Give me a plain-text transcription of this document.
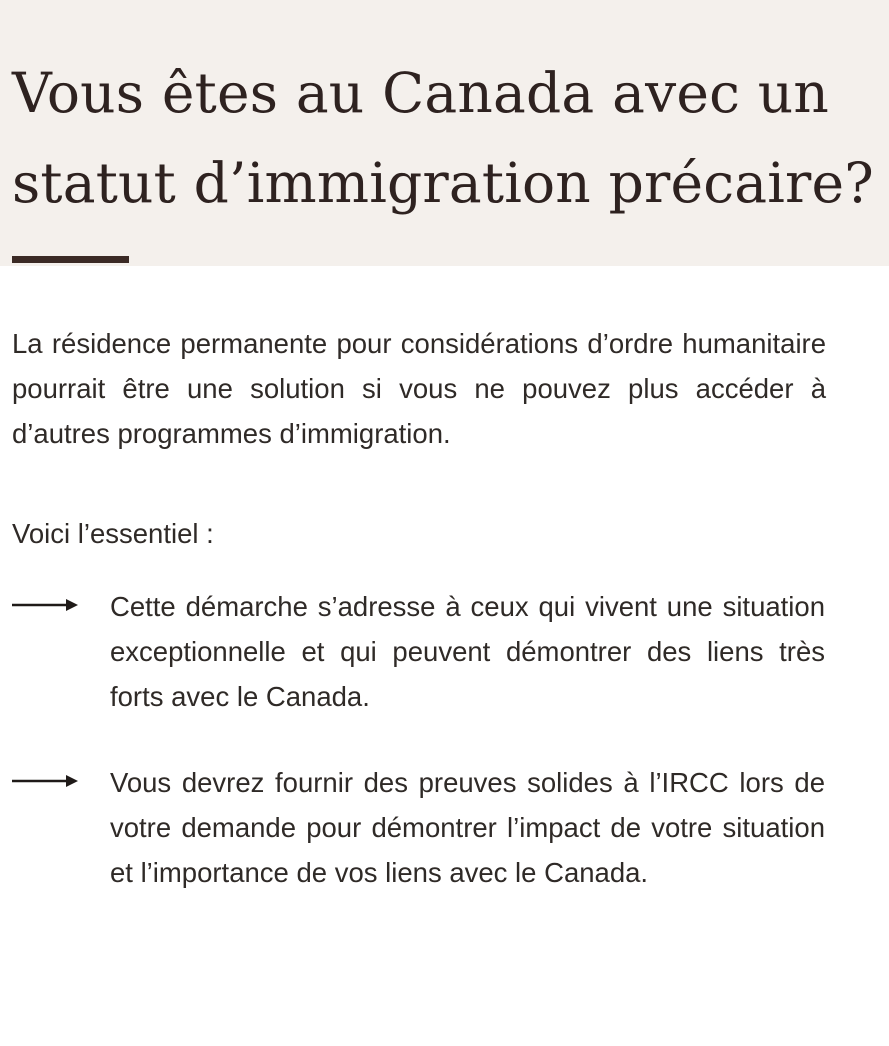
Vous êtes au Canada avec un
statut d’immigration précaire?

La résidence permanente pour considérations d’ordre humanitaire pourrait être une solution si vous ne pouvez plus accéder à d’autres programmes d’immigration.

Voici l’essentiel :

Cette démarche s’adresse à ceux qui vivent une situation exceptionnelle et qui peuvent démontrer des liens très forts avec le Canada.

Vous devrez fournir des preuves solides à l’IRCC lors de votre demande pour démontrer l’impact de votre situation et l’importance de vos liens avec le Canada.
